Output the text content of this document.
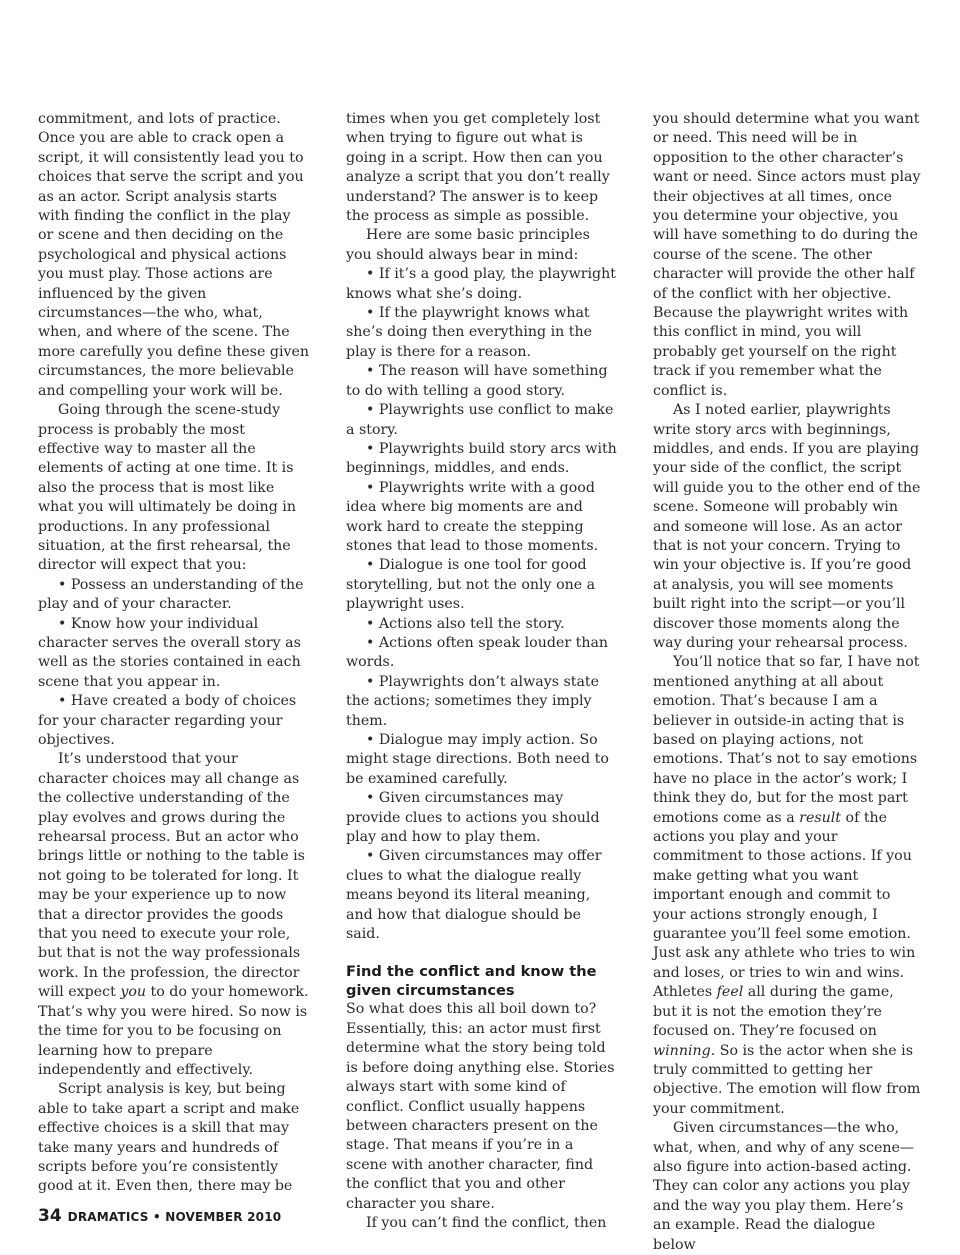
commitment, and lots of practice. Once you are able to crack open a script, it will consistently lead you to choices that serve the script and you as an actor. Script analysis starts with finding the conflict in the play or scene and then deciding on the psychological and physical actions you must play. Those actions are influenced by the given circumstances—the who, what, when, and where of the scene. The more carefully you define these given circumstances, the more believable and compelling your work will be.

Going through the scene-study process is probably the most effective way to master all the elements of acting at one time. It is also the process that is most like what you will ultimately be doing in productions. In any professional situation, at the first rehearsal, the director will expect that you:

• Possess an understanding of the play and of your character.

• Know how your individual character serves the overall story as well as the stories contained in each scene that you appear in.

• Have created a body of choices for your character regarding your objectives.

It’s understood that your character choices may all change as the collective understanding of the play evolves and grows during the rehearsal process. But an actor who brings little or nothing to the table is not going to be tolerated for long. It may be your experience up to now that a director provides the goods that you need to execute your role, but that is not the way professionals work. In the profession, the director will expect you to do your homework. That’s why you were hired. So now is the time for you to be focusing on learning how to prepare independently and effectively.

Script analysis is key, but being able to take apart a script and make effective choices is a skill that may take many years and hundreds of scripts before you’re consistently good at it. Even then, there may be

times when you get completely lost when trying to figure out what is going in a script. How then can you analyze a script that you don’t really understand? The answer is to keep the process as simple as possible.

Here are some basic principles you should always bear in mind:

• If it’s a good play, the playwright knows what she’s doing.

• If the playwright knows what she’s doing then everything in the play is there for a reason.

• The reason will have something to do with telling a good story.

• Playwrights use conflict to make a story.

• Playwrights build story arcs with beginnings, middles, and ends.

• Playwrights write with a good idea where big moments are and work hard to create the stepping stones that lead to those moments.

• Dialogue is one tool for good storytelling, but not the only one a playwright uses.

• Actions also tell the story.

• Actions often speak louder than words.

• Playwrights don’t always state the actions; sometimes they imply them.

• Dialogue may imply action. So might stage directions. Both need to be examined carefully.

• Given circumstances may provide clues to actions you should play and how to play them.

• Given circumstances may offer clues to what the dialogue really means beyond its literal meaning, and how that dialogue should be said.

Find the conflict and know the given circumstances

So what does this all boil down to? Essentially, this: an actor must first determine what the story being told is before doing anything else. Stories always start with some kind of conflict. Conflict usually happens between characters present on the stage. That means if you’re in a scene with another character, find the conflict that you and other character you share.

If you can’t find the conflict, then

you should determine what you want or need. This need will be in opposition to the other character’s want or need. Since actors must play their objectives at all times, once you determine your objective, you will have something to do during the course of the scene. The other character will provide the other half of the conflict with her objective. Because the playwright writes with this conflict in mind, you will probably get yourself on the right track if you remember what the conflict is.

As I noted earlier, playwrights write story arcs with beginnings, middles, and ends. If you are playing your side of the conflict, the script will guide you to the other end of the scene. Someone will probably win and someone will lose. As an actor that is not your concern. Trying to win your objective is. If you’re good at analysis, you will see moments built right into the script—or you’ll discover those moments along the way during your rehearsal process.

You’ll notice that so far, I have not mentioned anything at all about emotion. That’s because I am a believer in outside-in acting that is based on playing actions, not emotions. That’s not to say emotions have no place in the actor’s work; I think they do, but for the most part emotions come as a result of the actions you play and your commitment to those actions. If you make getting what you want important enough and commit to your actions strongly enough, I guarantee you’ll feel some emotion. Just ask any athlete who tries to win and loses, or tries to win and wins. Athletes feel all during the game, but it is not the emotion they’re focused on. They’re focused on winning. So is the actor when she is truly committed to getting her objective. The emotion will flow from your commitment.

Given circumstances—the who, what, when, and why of any scene—also figure into action-based acting. They can color any actions you play and the way you play them. Here’s an example. Read the dialogue below

34 DRAMATICS • NOVEMBER 2010
